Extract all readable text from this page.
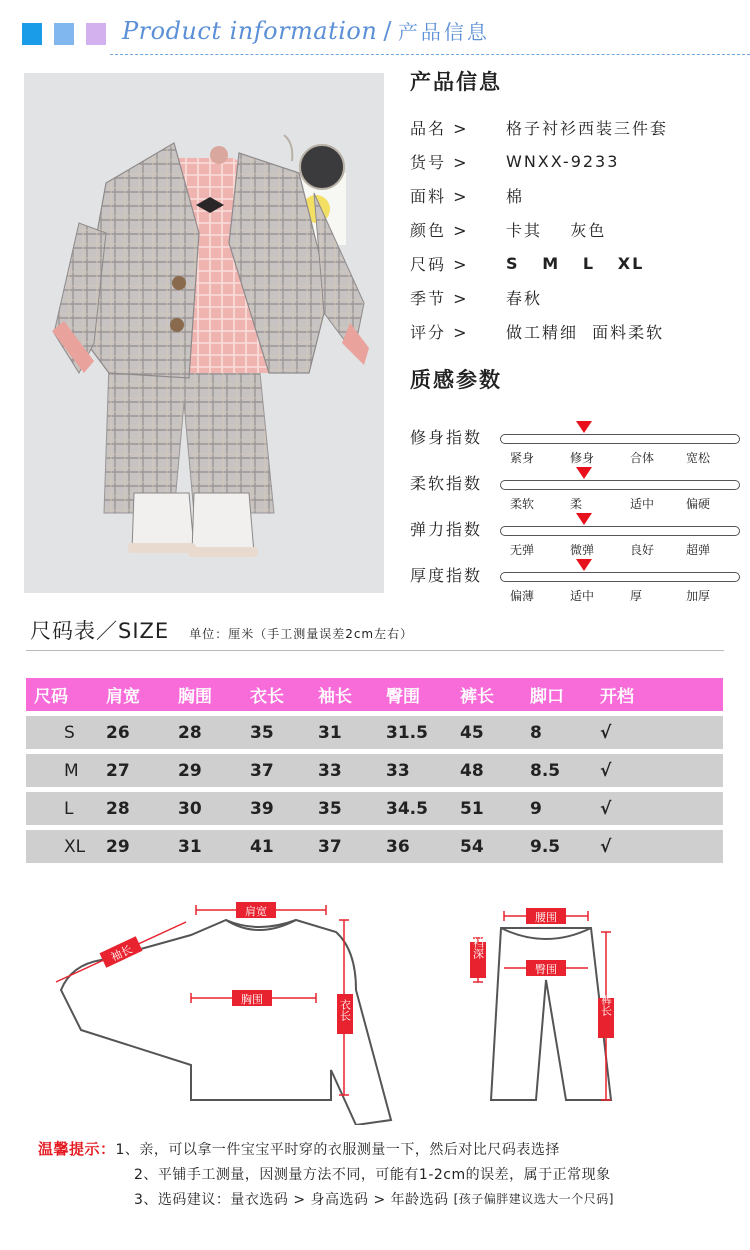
Product information / 产品信息
产品信息
品名 >	格子衬衫西装三件套
货号 >	WNXX-9233
面料 >	棉
颜色 >	卡其    灰色
尺码 >	S   M   L   XL
季节 >	春秋
评分 >	做工精细  面料柔软
质感参数
修身指数
紧身	修身	合体	宽松
柔软指数
柔软	柔	适中	偏硬
弹力指数
无弹	微弹	良好	超弹
厚度指数
偏薄	适中	厚	加厚
尺码表／SIZE 单位：厘米（手工测量误差2cm左右）
尺码	肩宽	胸围	衣长	袖长	臀围	裤长	脚口	开档
S	26	28	35	31	31.5	45	8	√
M	27	29	37	33	33	48	8.5	√
L	28	30	39	35	34.5	51	9	√
XL	29	31	41	37	36	54	9.5	√
肩宽
胸围	衣长
袖长
腰围
臀围
裆深
裤长
温馨提示： 1、亲，可以拿一件宝宝平时穿的衣服测量一下，然后对比尺码表选择
2、平铺手工测量，因测量方法不同，可能有1-2cm的误差，属于正常现象
3、选码建议：量衣选码 > 身高选码 > 年龄选码 [孩子偏胖建议选大一个尺码]
